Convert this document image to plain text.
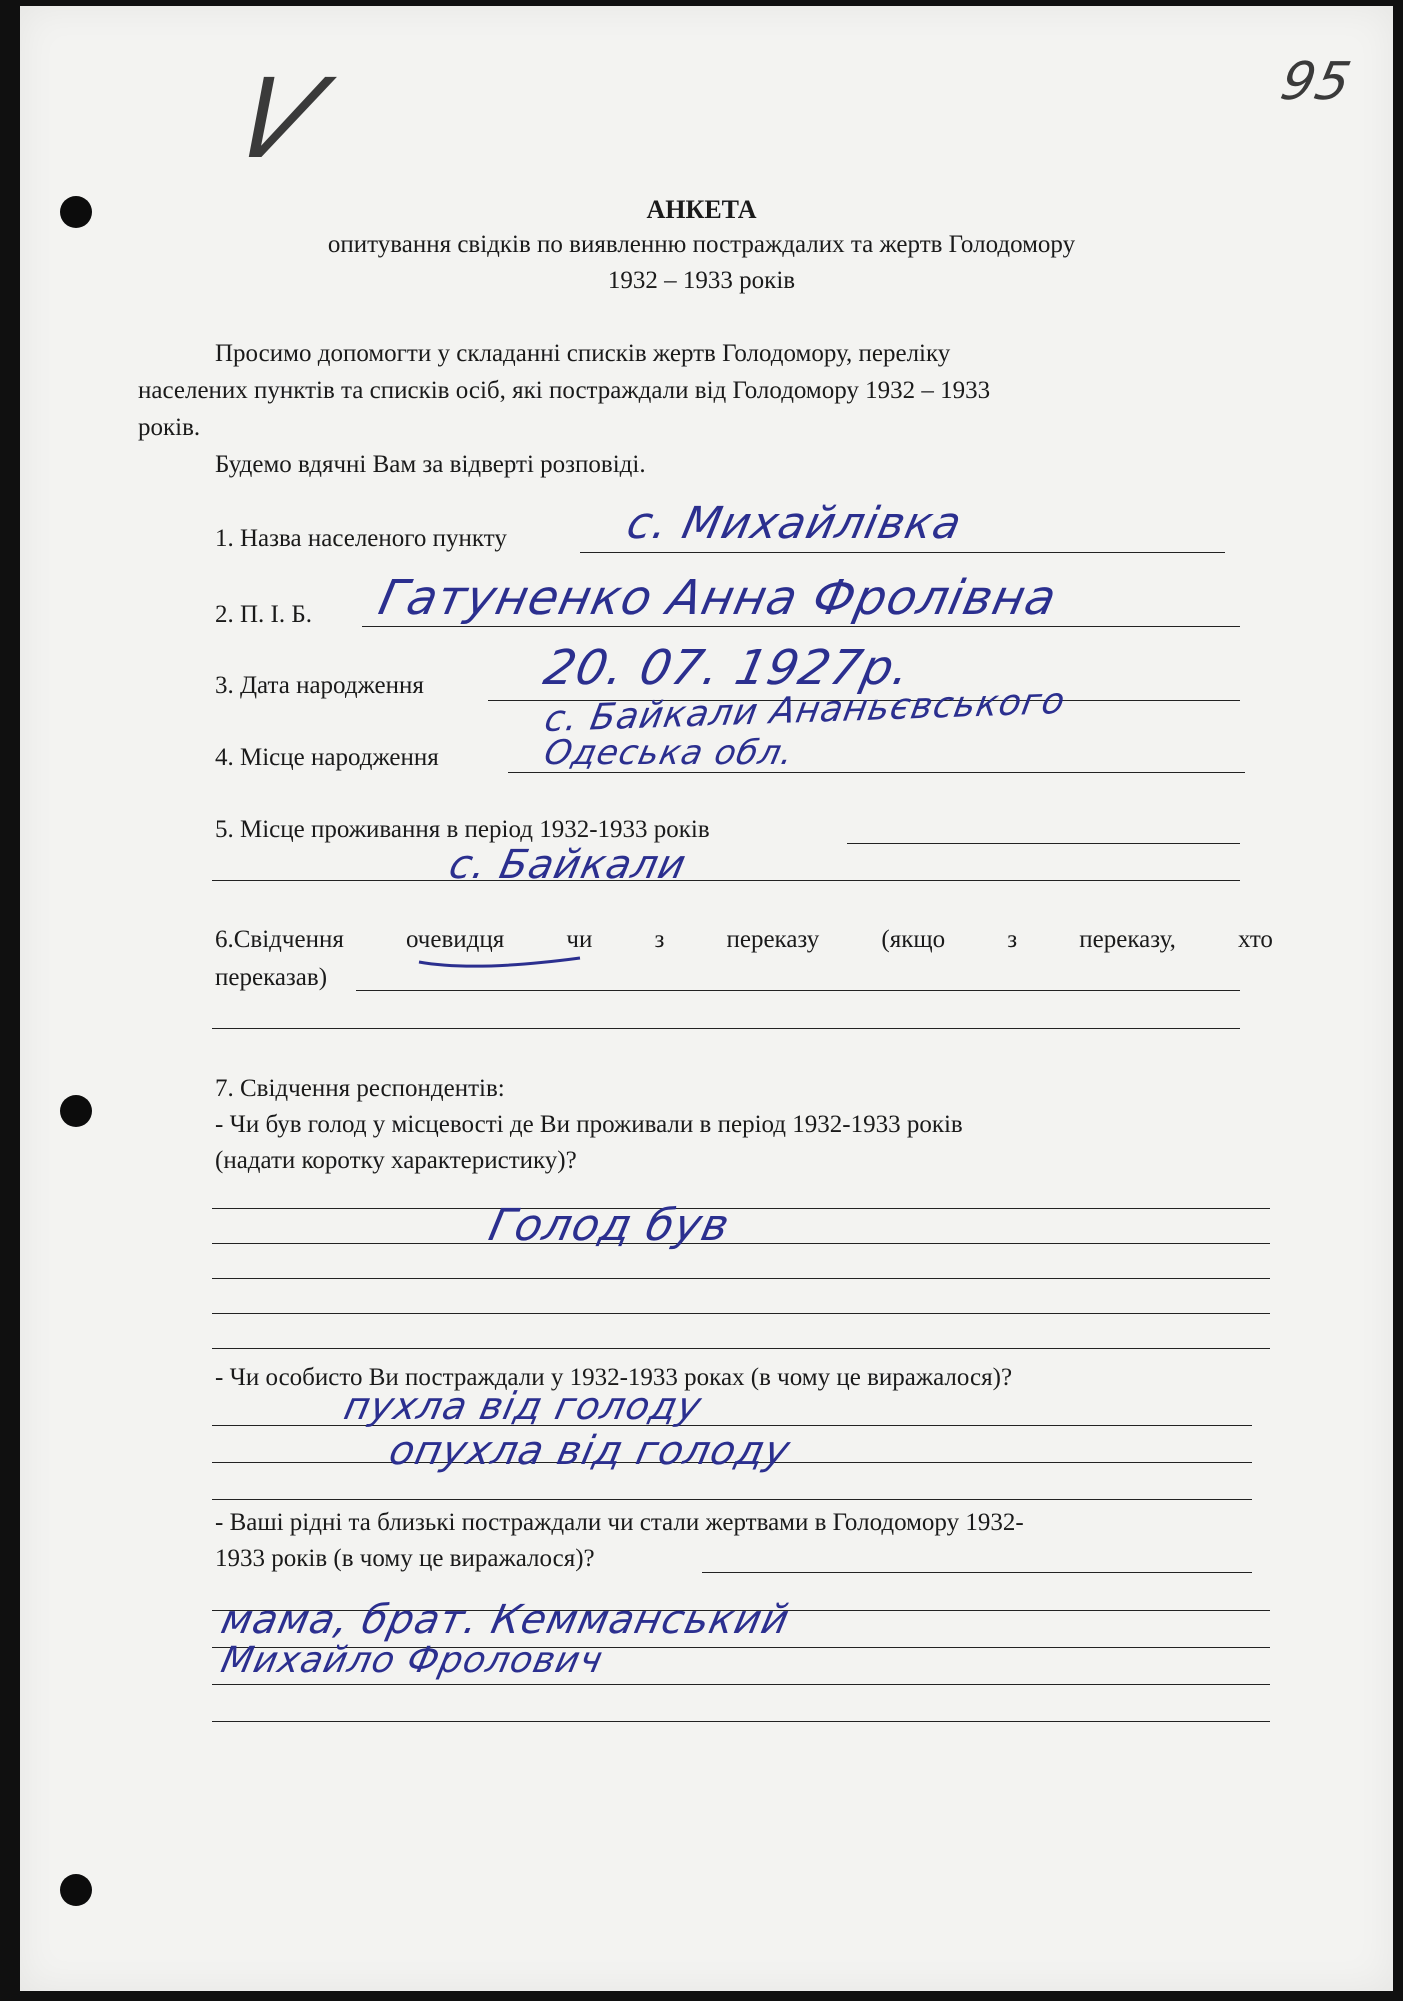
V	95
АНКЕТА
опитування свідків по виявленню постраждалих та жертв Голодомору
1932 – 1933 років
Просимо допомогти у складанні списків жертв Голодомору, переліку
населених пунктів та списків осіб, які постраждали від Голодомору 1932 – 1933
років.
Будемо вдячні Вам за відверті розповіді.
1. Назва населеного пункту	с. Михайлівка
2. П. І. Б. Гатуненко Анна Фролівна
3. Дата народження 20. 07. 1927р.
4. Місце народження
с. Байкали Ананьєвського
Одеська обл.
5. Місце проживання в період 1932-1933 років
с. Байкали
6.Свідчення очевидця чи з переказу (якщо з переказу, хто
переказав)
7. Свідчення респондентів:
- Чи був голод у місцевості де Ви проживали в період 1932-1933 років
(надати коротку характеристику)?
Голод був
- Чи особисто Ви постраждали у 1932-1933 роках (в чому це виражалося)?
пухла від голоду
опухла від голоду
- Ваші рідні та близькі постраждали чи стали жертвами в Голодомору 1932-
1933 років (в чому це виражалося)?
мама, брат. Кемманський
Михайло Фролович
